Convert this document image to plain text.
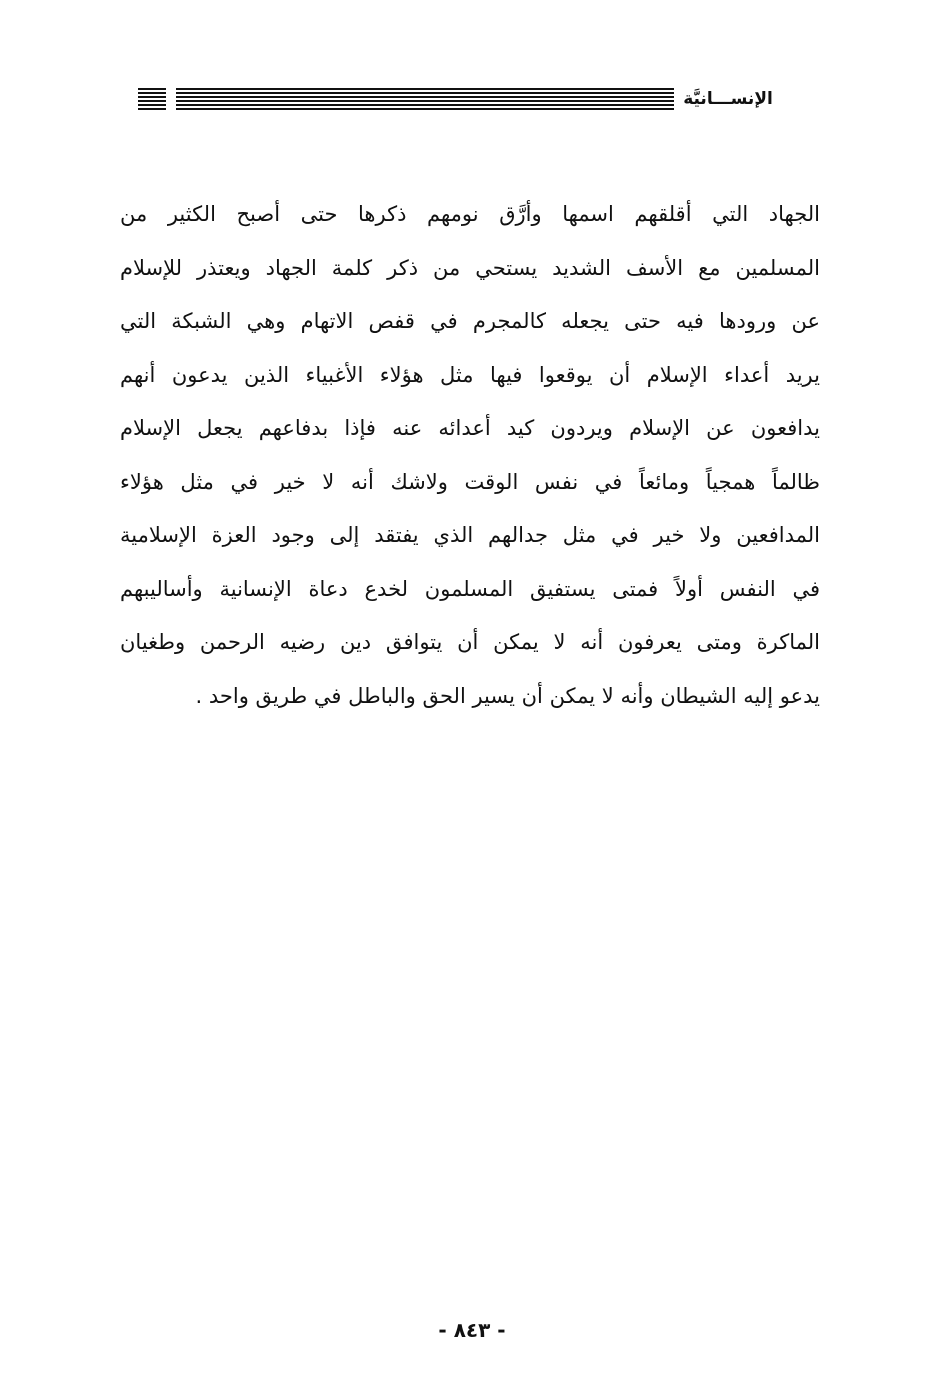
الإنســـانيَّة
الجهاد التي أقلقهم اسمها وأرَّق نومهم ذكرها حتى أصبح الكثير من
المسلمين مع الأسف الشديد يستحي من ذكر كلمة الجهاد ويعتذر للإسلام
عن ورودها فيه حتى يجعله كالمجرم في قفص الاتهام وهي الشبكة التي
يريد أعداء الإسلام أن يوقعوا فيها مثل هؤلاء الأغبياء الذين يدعون أنهم
يدافعون عن الإسلام ويردون كيد أعدائه عنه فإذا بدفاعهم يجعل الإسلام
ظالماً همجياً ومائعاً في نفس الوقت ولاشك أنه لا خير في مثل هؤلاء
المدافعين ولا خير في مثل جدالهم الذي يفتقد إلى وجود العزة الإسلامية
في النفس أولاً فمتى يستفيق المسلمون لخدع دعاة الإنسانية وأساليبهم
الماكرة ومتى يعرفون أنه لا يمكن أن يتوافق دين رضيه الرحمن وطغيان
يدعو إليه الشيطان وأنه لا يمكن أن يسير الحق والباطل في طريق واحد .
- ٨٤٣ -
